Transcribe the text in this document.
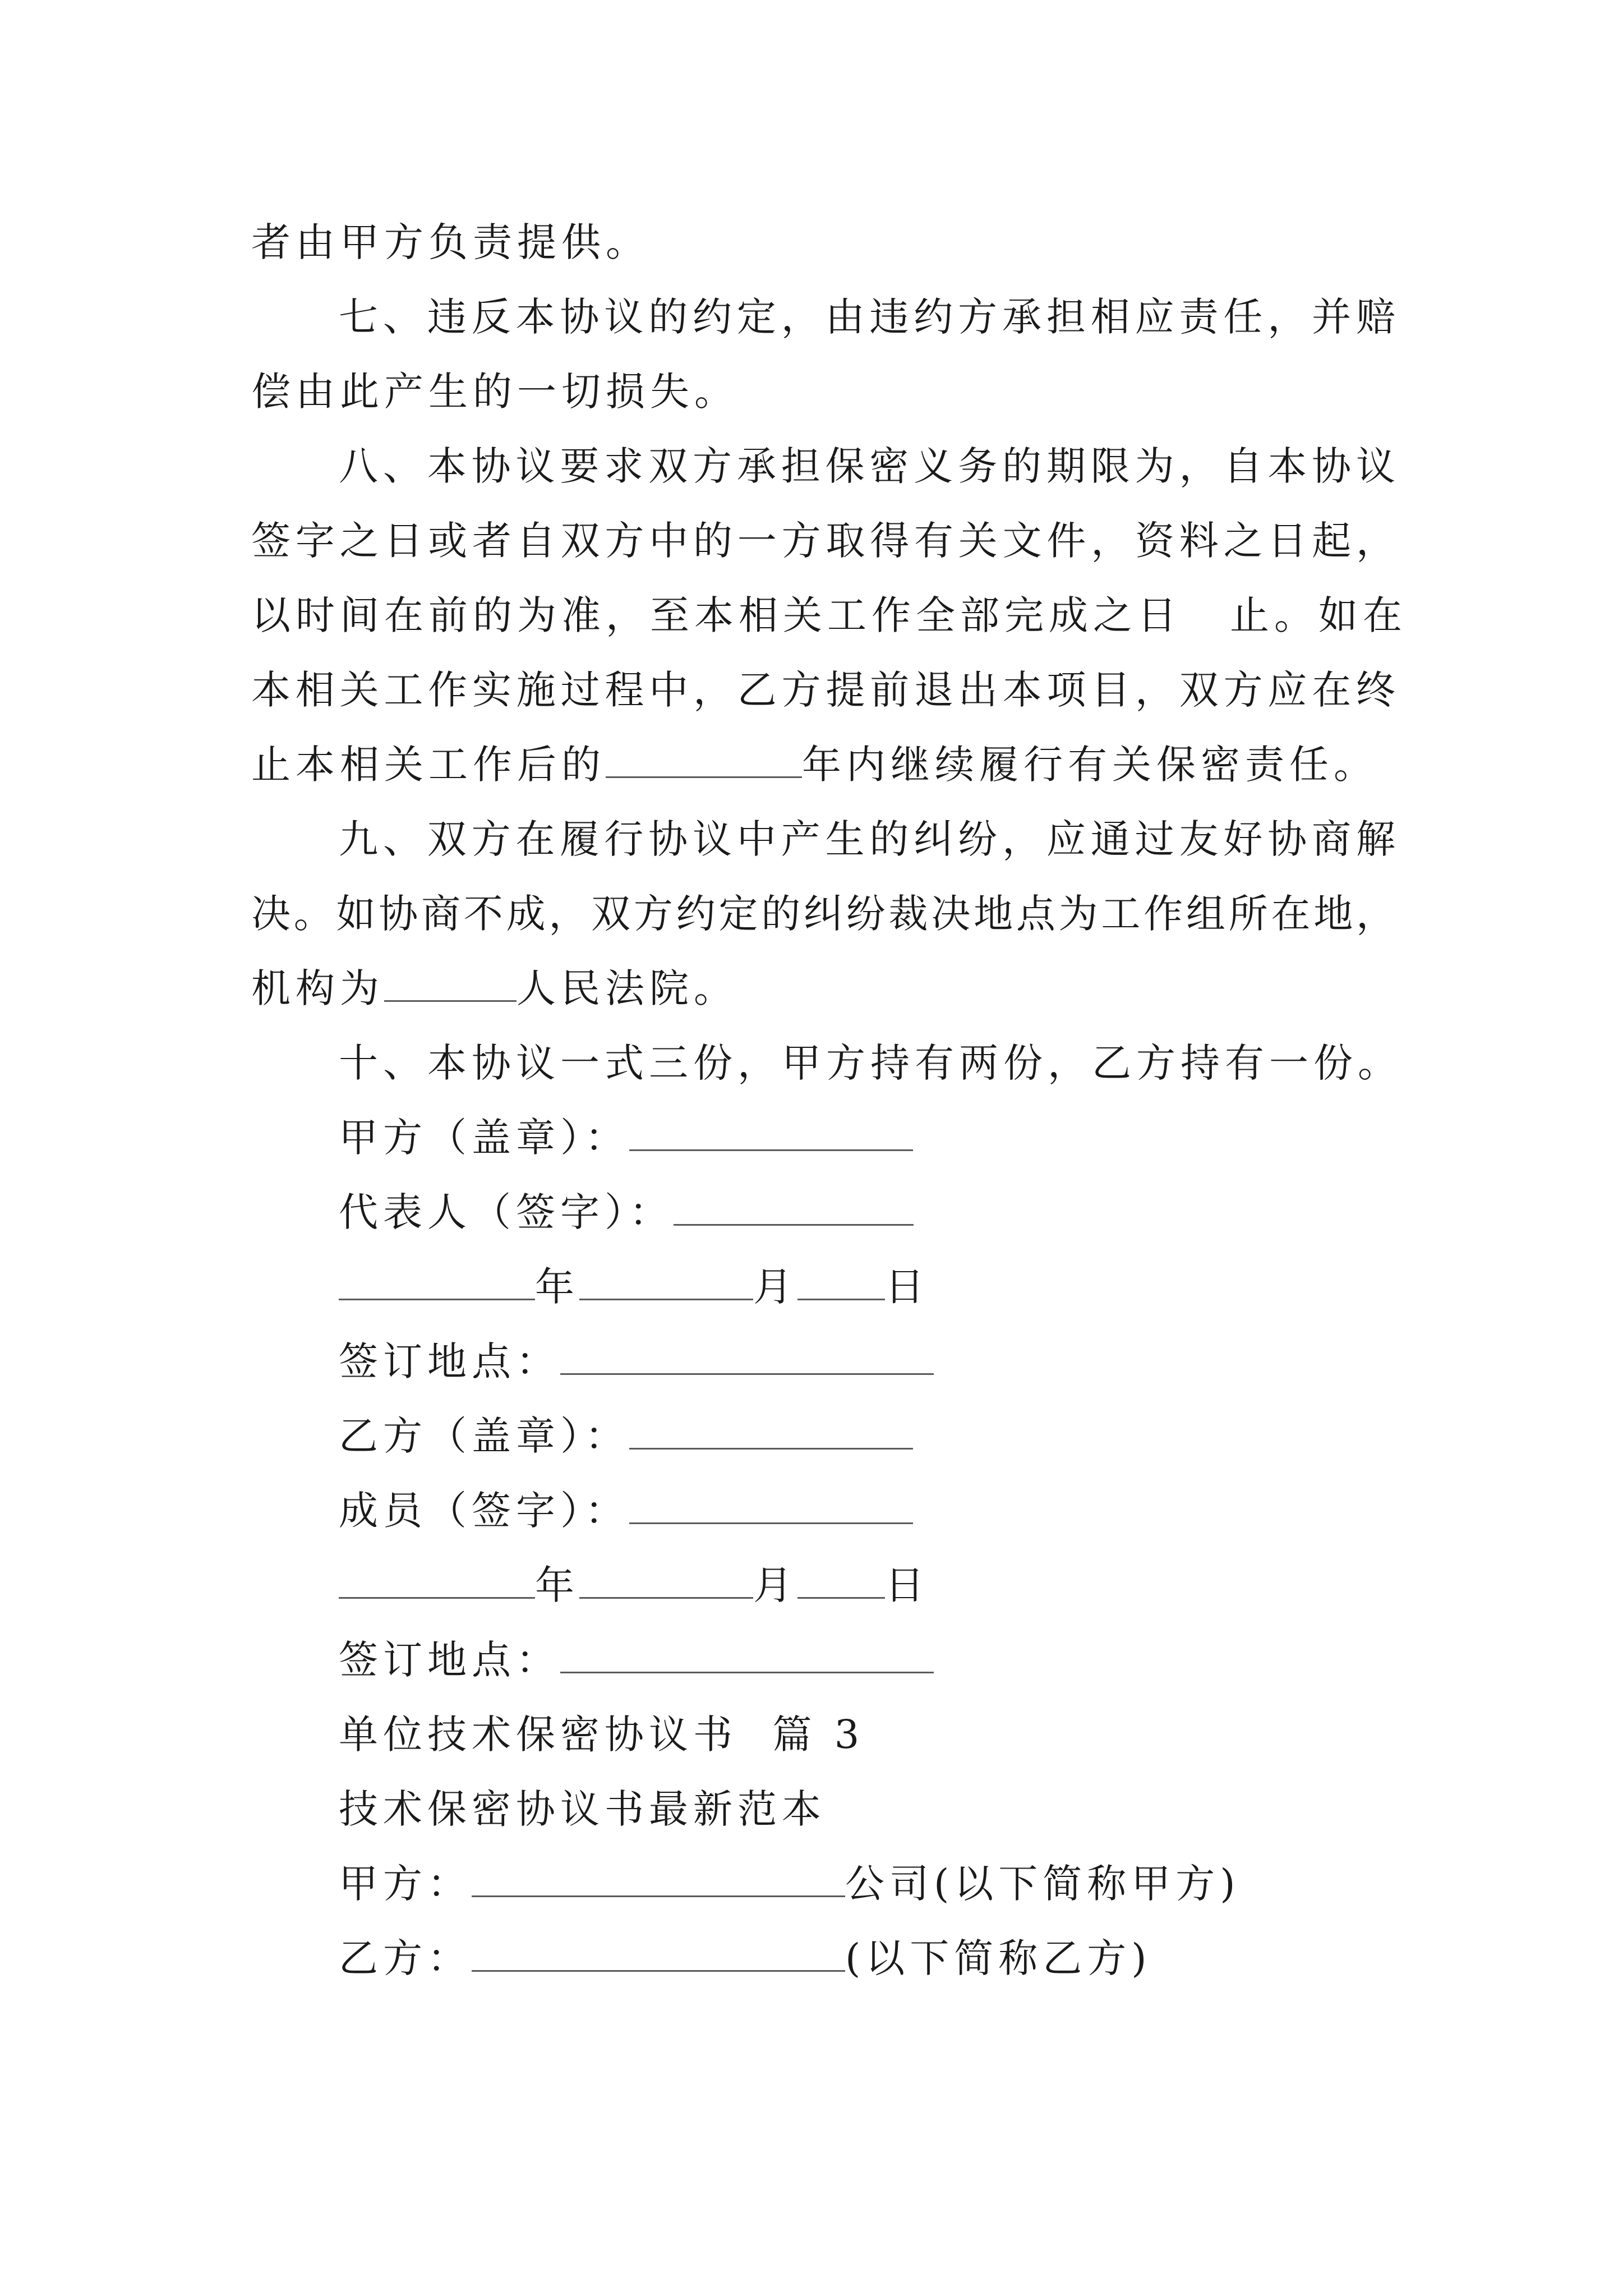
者由甲方负责提供。
七、违反本协议的约定，由违约方承担相应责任，并赔
偿由此产生的一切损失。
八、本协议要求双方承担保密义务的期限为，自本协议
签字之日或者自双方中的一方取得有关文件，资料之日起，
以时间在前的为准，至本相关工作全部完成之日 止。如在
本相关工作实施过程中，乙方提前退出本项目，双方应在终
止本相关工作后的	年内继续履行有关保密责任。
九、双方在履行协议中产生的纠纷，应通过友好协商解
决。如协商不成，双方约定的纠纷裁决地点为工作组所在地，
机构为	人民法院。
十、本协议一式三份，甲方持有两份，乙方持有一份。
甲方（盖章）：
代表人（签字）：
年	月 日
签订地点：
乙方（盖章）：
成员（签字）：
年	月 日
签订地点：
单位技术保密协议书  篇 3
技术保密协议书最新范本
甲方：	公司(以下简称甲方)
乙方：	(以下简称乙方)
